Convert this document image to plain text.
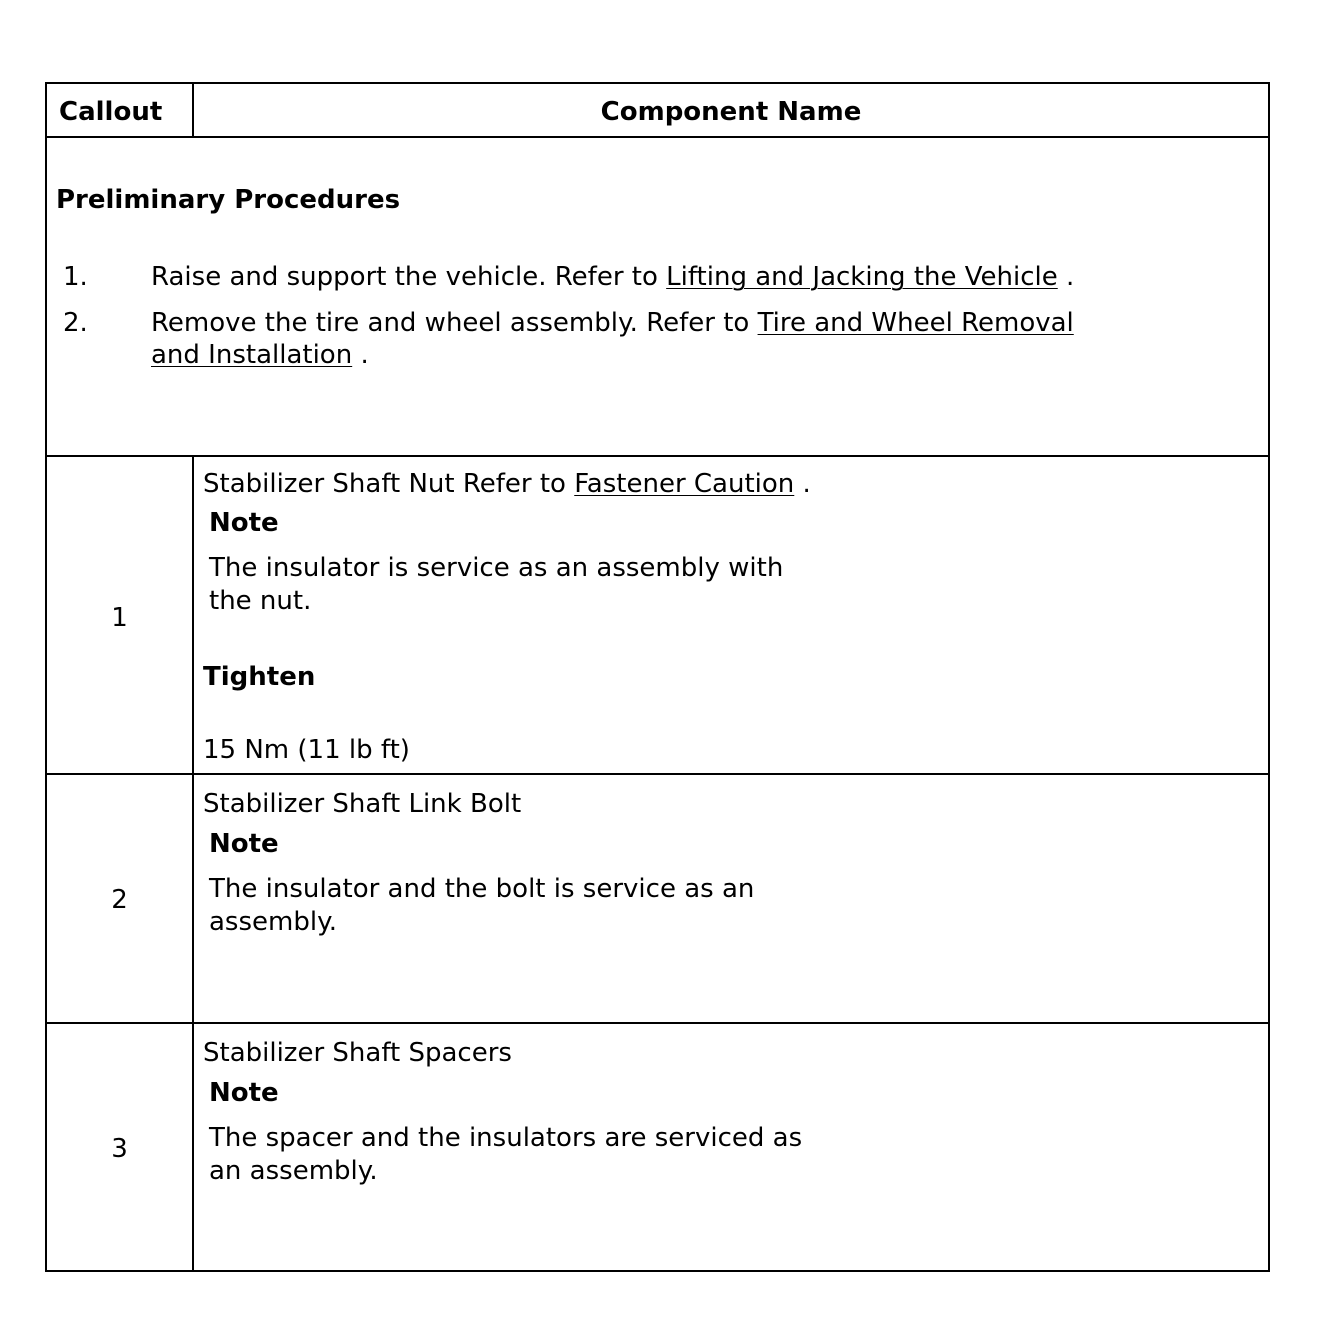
Callout	Component Name
Preliminary Procedures
1. Raise and support the vehicle. Refer to Lifting and Jacking the Vehicle .
2. Remove the tire and wheel assembly. Refer to Tire and Wheel Removal
and Installation .
1
Stabilizer Shaft Nut Refer to Fastener Caution .
Note
The insulator is service as an assembly with
the nut.
Tighten
15 Nm (11 lb ft)
2
Stabilizer Shaft Link Bolt
Note
The insulator and the bolt is service as an
assembly.
3
Stabilizer Shaft Spacers
Note
The spacer and the insulators are serviced as
an assembly.
